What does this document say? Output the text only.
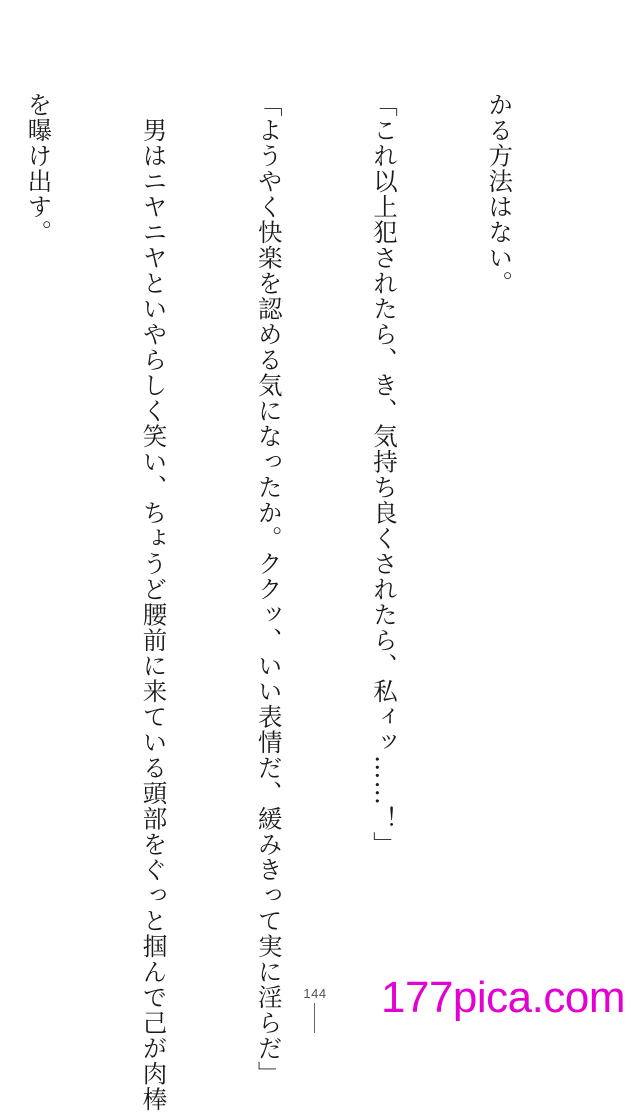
かる方法はない。

「これ以上犯されたら、き、気持ち良くされたら、私ィッ……！」

「ようやく快楽を認める気になったか。ククッ、いい表情だ、緩みきって実に淫らだ」

　男はニヤニヤといやらしく笑い、ちょうど腰前に来ている頭部をぐっと掴んで己が肉棒

を曝け出す。

144 177pica.com
